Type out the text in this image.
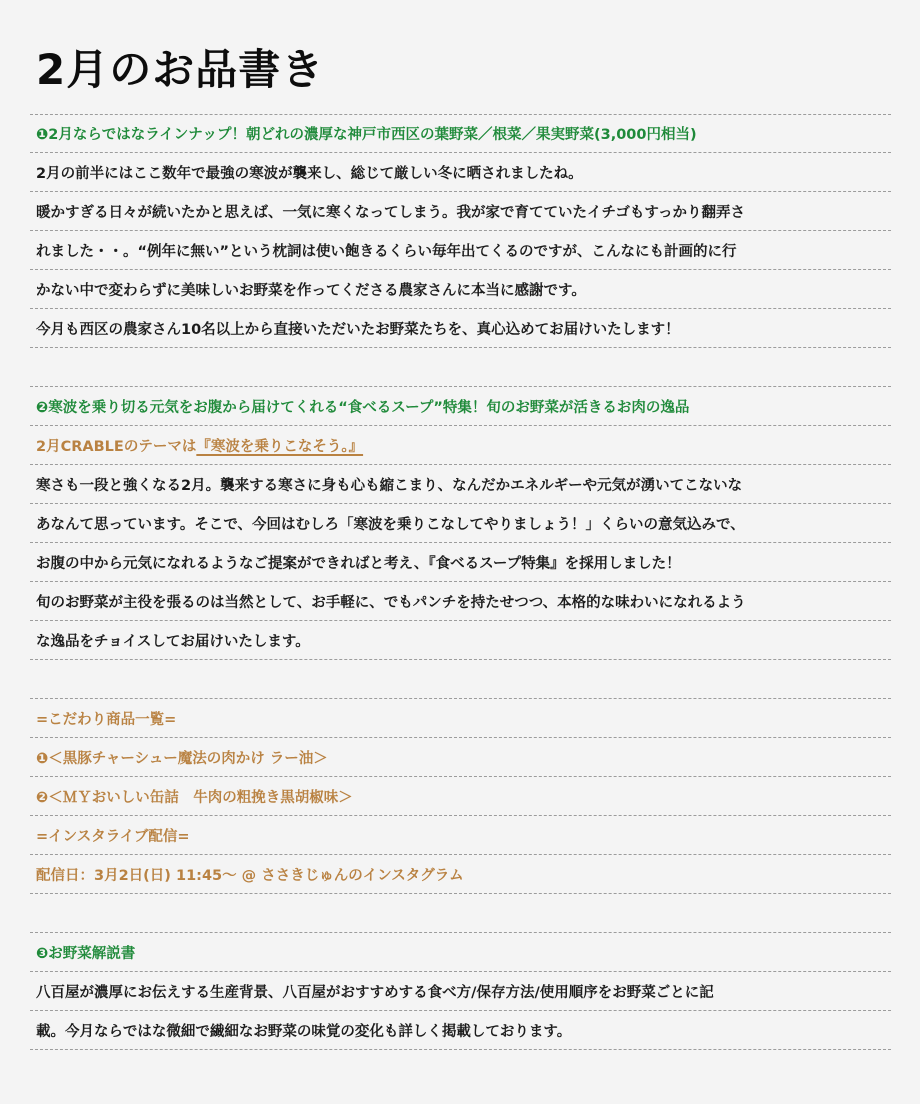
2月のお品書き
❶2月ならではなラインナップ！朝どれの濃厚な神戸市西区の葉野菜／根菜／果実野菜(3,000円相当)
2月の前半にはここ数年で最強の寒波が襲来し、総じて厳しい冬に晒されましたね。
暖かすぎる日々が続いたかと思えば、一気に寒くなってしまう。我が家で育てていたイチゴもすっかり翻弄さ
れました・・。“例年に無い”という枕詞は使い飽きるくらい毎年出てくるのですが、こんなにも計画的に行
かない中で変わらずに美味しいお野菜を作ってくださる農家さんに本当に感謝です。
今月も西区の農家さん10名以上から直接いただいたお野菜たちを、真心込めてお届けいたします！
❷寒波を乗り切る元気をお腹から届けてくれる“食べるスープ”特集！旬のお野菜が活きるお肉の逸品
2月CRABLEのテーマは 『寒波を乗りこなそう。』
寒さも一段と強くなる2月。襲来する寒さに身も心も縮こまり、なんだかエネルギーや元気が湧いてこないな
あなんて思っています。そこで、今回はむしろ「寒波を乗りこなしてやりましょう！」くらいの意気込みで、
お腹の中から元気になれるようなご提案ができればと考え、『食べるスープ特集』を採用しました！
旬のお野菜が主役を張るのは当然として、お手軽に、でもパンチを持たせつつ、本格的な味わいになれるよう
な逸品をチョイスしてお届けいたします。
=こだわり商品一覧=
❶＜黒豚チャーシュー魔法の肉かけ ラー油＞
❷＜ＭＹおいしい缶詰　牛肉の粗挽き黒胡椒味＞
=インスタライブ配信=
配信日：3月2日(日) 11:45〜 @ ささきじゅんのインスタグラム
❸お野菜解説書
八百屋が濃厚にお伝えする生産背景、八百屋がおすすめする食べ方/保存方法/使用順序をお野菜ごとに記
載。今月ならではな微細で繊細なお野菜の味覚の変化も詳しく掲載しております。
